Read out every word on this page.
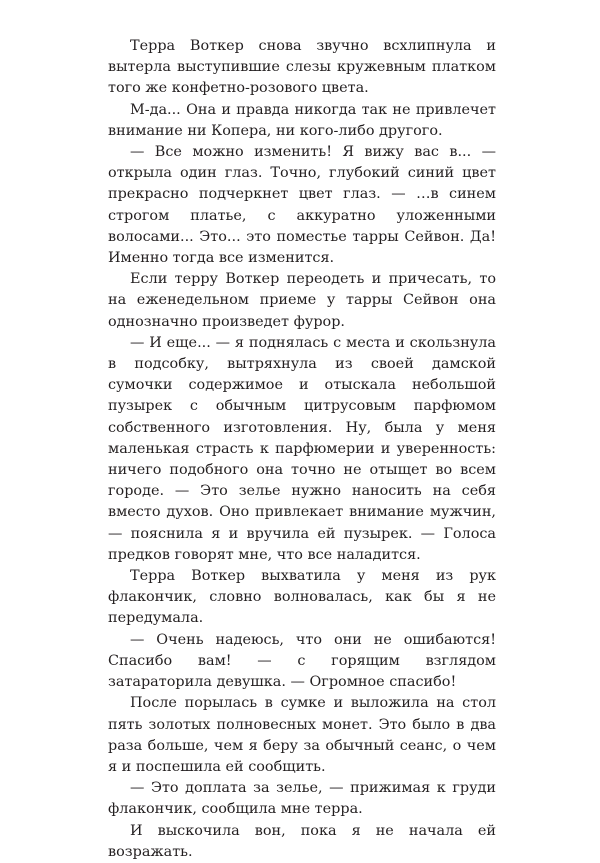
Терра Воткер снова звучно всхлипнула и вытерла выступившие слезы кружевным платком того же конфетно-розового цвета.

М-да... Она и правда никогда так не привлечет внимание ни Копера, ни кого-либо другого.

— Все можно изменить! Я вижу вас в... — открыла один глаз. Точно, глубокий синий цвет прекрасно подчеркнет цвет глаз. — …в синем строгом платье, с аккуратно уложенными волосами... Это... это поместье тарры Сейвон. Да! Именно тогда все изменится.

Если терру Воткер переодеть и причесать, то на еженедельном приеме у тарры Сейвон она однозначно произведет фурор.

— И еще... — я поднялась с места и скользнула в подсобку, вытряхнула из своей дамской сумочки содержимое и отыскала небольшой пузырек с обычным цитрусовым парфюмом собственного изготовления. Ну, была у меня маленькая страсть к парфюмерии и уверенность: ничего подобного она точно не отыщет во всем городе. — Это зелье нужно наносить на себя вместо духов. Оно привлекает внимание мужчин, — пояснила я и вручила ей пузырек. — Голоса предков говорят мне, что все наладится.

Терра Воткер выхватила у меня из рук флакончик, словно волновалась, как бы я не передумала.

— Очень надеюсь, что они не ошибаются! Спасибо вам! — с горящим взглядом затараторила девушка. — Огромное спасибо!

После порылась в сумке и выложила на стол пять золотых полновесных монет. Это было в два раза больше, чем я беру за обычный сеанс, о чем я и поспешила ей сообщить.

— Это доплата за зелье, — прижимая к груди флакончик, сообщила мне терра.

И выскочила вон, пока я не начала ей возражать.
